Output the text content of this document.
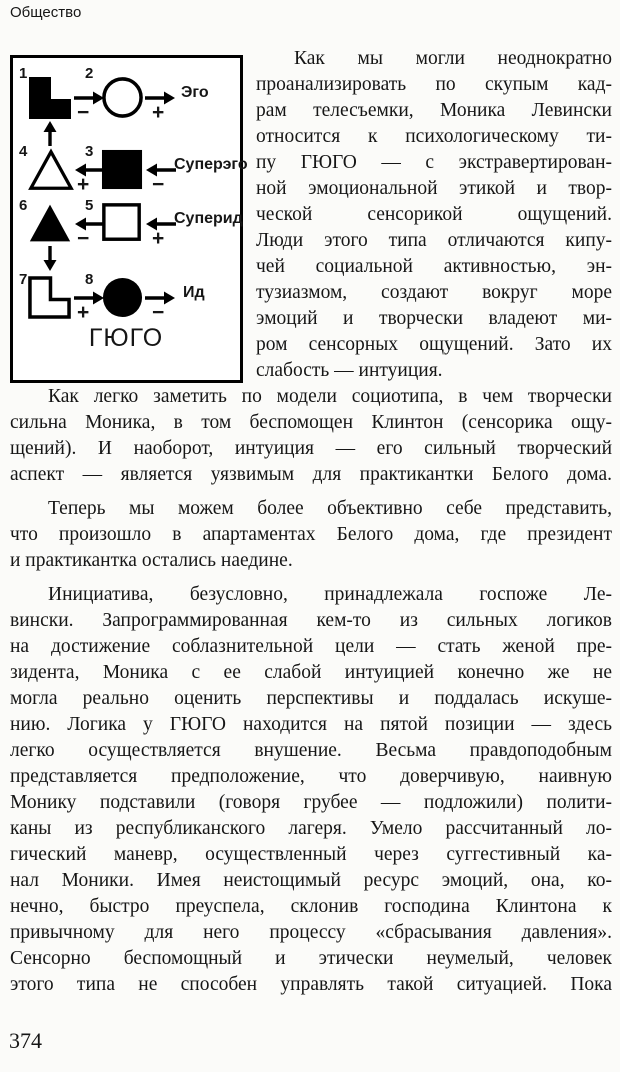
Общество
1
−
2
+
Эго
4
+
3
−
Суперэго
6
−
5
+
Суперид
7
+
8
−
Ид
ГЮГО
Как мы могли неоднократно
проанализировать по скупым кад-
рам телесъемки, Моника Левински
относится к психологическому ти-
пу ГЮГО — с экстравертирован-
ной эмоциональной этикой и твор-
ческой сенсорикой ощущений.
Люди этого типа отличаются кипу-
чей социальной активностью, эн-
тузиазмом, создают вокруг море
эмоций и творчески владеют ми-
ром сенсорных ощущений. Зато их
слабость — интуиция.
Как легко заметить по модели социотипа, в чем творчески
сильна Моника, в том беспомощен Клинтон (сенсорика ощу-
щений). И наоборот, интуиция — его сильный творческий
аспект — является уязвимым для практикантки Белого дома.
Теперь мы можем более объективно себе представить,
что произошло в апартаментах Белого дома, где президент
и практикантка остались наедине.
Инициатива, безусловно, принадлежала госпоже Ле-
вински. Запрограммированная кем-то из сильных логиков
на достижение соблазнительной цели — стать женой пре-
зидента, Моника с ее слабой интуицией конечно же не
могла реально оценить перспективы и поддалась искуше-
нию. Логика у ГЮГО находится на пятой позиции — здесь
легко осуществляется внушение. Весьма правдоподобным
представляется предположение, что доверчивую, наивную
Монику подставили (говоря грубее — подложили) полити-
каны из республиканского лагеря. Умело рассчитанный ло-
гический маневр, осуществленный через суггестивный ка-
нал Моники. Имея неистощимый ресурс эмоций, она, ко-
нечно, быстро преуспела, склонив господина Клинтона к
привычному для него процессу «сбрасывания давления».
Сенсорно беспомощный и этически неумелый, человек
этого типа не способен управлять такой ситуацией. Пока
374
